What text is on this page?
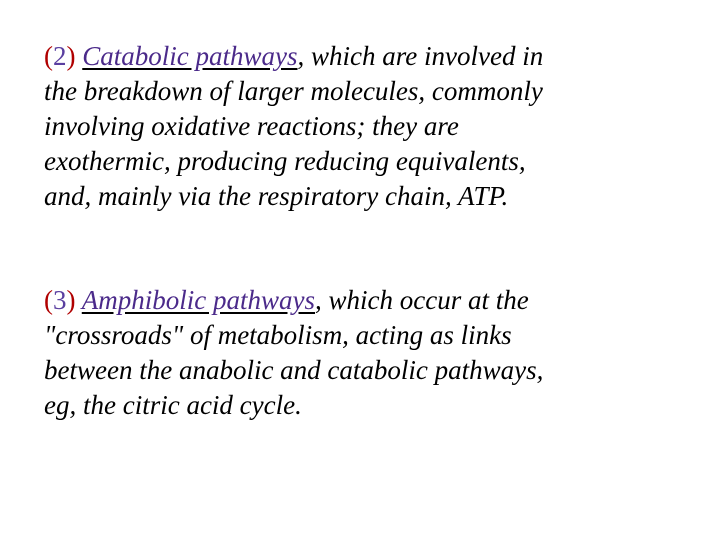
(2) Catabolic pathways, which are involved in
the breakdown of larger molecules, commonly
involving oxidative reactions; they are
exothermic, producing reducing equivalents,
and, mainly via the respiratory chain, ATP.

(3) Amphibolic pathways, which occur at the
"crossroads" of metabolism, acting as links
between the anabolic and catabolic pathways,
eg, the citric acid cycle.
